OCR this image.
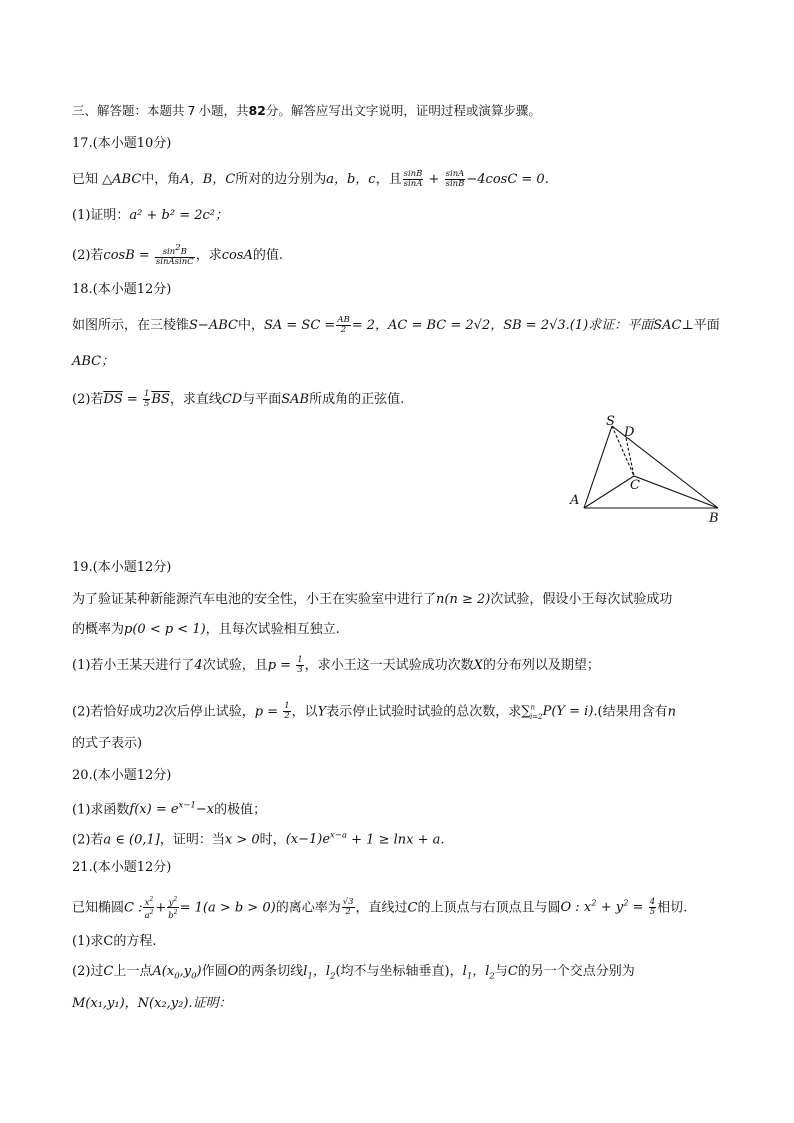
三、解答题：本题共 7 小题，共82分。解答应写出文字说明，证明过程或演算步骤。
17.(本小题10分)
已知 △ABC中，角A，B，C所对的边分别为a，b，c，且 $\frac{\sin B}{\sin A} + \frac{\sin A}{\sin B} -4\cos C = 0$.
(1)证明：a² + b² = 2c²；
(2)若$\cos B = \frac{\sin^2B}{\text{sinAsinC}}$ ，求cosA的值.
18.(本小题12分)
如图所示，在三棱锥S−ABC中，SA = SC = $\frac{AB}{2} = 2$，AC = BC = 2√2，SB = 2√3.(1)求证：平面SAC⊥平面
ABC；
(2)若$\overline{DS} = \frac{1}{5} \overline{BS}$，求直线CD与平面SAB所成角的正弦值.
S
D
C
A
B
19.(本小题12分)
为了验证某种新能源汽车电池的安全性，小王在实验室中进行了n(n ≥ 2)次试验，假设小王每次试验成功
的概率为p(0 < p < 1)，且每次试验相互独立.
(1)若小王某天进行了4次试验，且$p = \frac{1}{3}$ ，求小王这一天试验成功次数X的分布列以及期望；
(2)若恰好成功2次后停止试验，$p = \frac{1}{2}$ ，以Y表示停止试验时试验的总次数，求∑$^n_{i=2}$P(Y = i).(结果用含有n
的式子表示)
20.(本小题12分)
(1)求函数$f(x) = e^{x-1}-x$的极值；
(2)若a ∈ (0,1]，证明：当x > 0时，$(x-1)e^{x-a} + 1 \ge \ln x + a$.
21.(本小题12分)
已知椭圆C : $\frac{x^2}{a^2} + \frac{y^2}{b^2} = 1(a > b > 0)$的离心率为 $\frac{√3}{2}$ ，直线过C的上顶点与右顶点且与圆O : $x^2 + y^2 = \frac{4}{5}$ 相切.
(1)求C的方程.
(2)过C上一点$A(x_0,y_0)$作圆O的两条切线$l_1$，$l_2$(均不与坐标轴垂直)，$l_1$，$l_2$与C的另一个交点分别为
M(x₁,y₁)，N(x₂,y₂).证明：
